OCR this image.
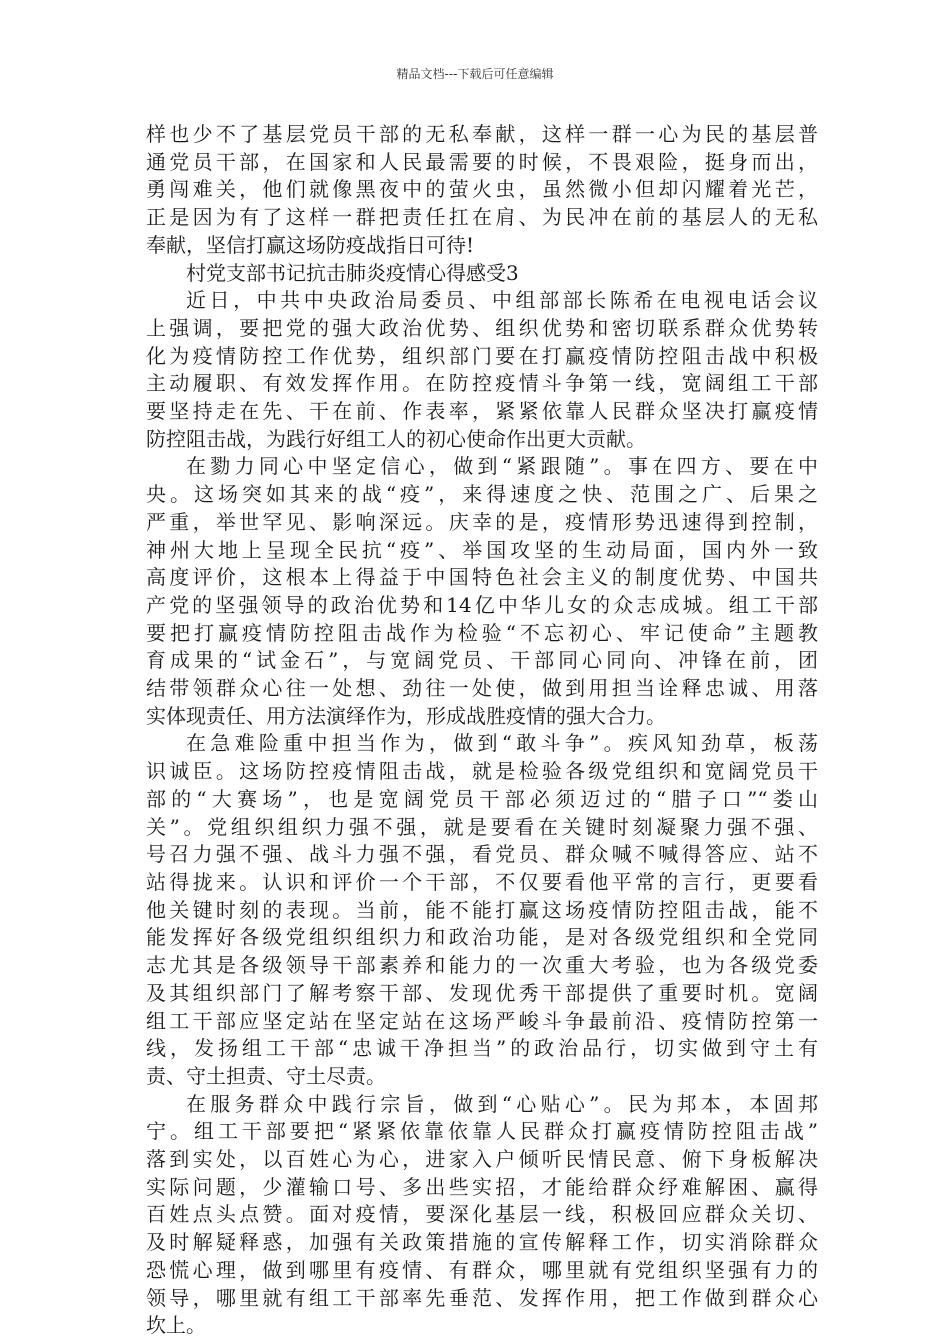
精品文档---下载后可任意编辑

样也少不了基层党员干部的无私奉献，这样一群一心为民的基层普
通党员干部，在国家和人民最需要的时候，不畏艰险，挺身而出，
勇闯难关，他们就像黑夜中的萤火虫，虽然微小但却闪耀着光芒，
正是因为有了这样一群把责任扛在肩、为民冲在前的基层人的无私
奉献，坚信打赢这场防疫战指日可待!

村党支部书记抗击肺炎疫情心得感受3

近日，中共中央政治局委员、中组部部长陈希在电视电话会议
上强调，要把党的强大政治优势、组织优势和密切联系群众优势转
化为疫情防控工作优势，组织部门要在打赢疫情防控阻击战中积极
主动履职、有效发挥作用。在防控疫情斗争第一线，宽阔组工干部
要坚持走在先、干在前、作表率，紧紧依靠人民群众坚决打赢疫情
防控阻击战，为践行好组工人的初心使命作出更大贡献。

在勠力同心中坚定信心，做到“紧跟随”。事在四方、要在中
央。这场突如其来的战“疫”，来得速度之快、范围之广、后果之
严重，举世罕见、影响深远。庆幸的是，疫情形势迅速得到控制，
神州大地上呈现全民抗“疫”、举国攻坚的生动局面，国内外一致
高度评价，这根本上得益于中国特色社会主义的制度优势、中国共
产党的坚强领导的政治优势和14亿中华儿女的众志成城。组工干部
要把打赢疫情防控阻击战作为检验“不忘初心、牢记使命”主题教
育成果的“试金石”，与宽阔党员、干部同心同向、冲锋在前，团
结带领群众心往一处想、劲往一处使，做到用担当诠释忠诚、用落
实体现责任、用方法演绎作为，形成战胜疫情的强大合力。

在急难险重中担当作为，做到“敢斗争”。疾风知劲草，板荡
识诚臣。这场防控疫情阻击战，就是检验各级党组织和宽阔党员干
部的“大赛场”，也是宽阔党员干部必须迈过的“腊子口”“娄山
关”。党组织组织力强不强，就是要看在关键时刻凝聚力强不强、
号召力强不强、战斗力强不强，看党员、群众喊不喊得答应、站不
站得拢来。认识和评价一个干部，不仅要看他平常的言行，更要看
他关键时刻的表现。当前，能不能打赢这场疫情防控阻击战，能不
能发挥好各级党组织组织力和政治功能，是对各级党组织和全党同
志尤其是各级领导干部素养和能力的一次重大考验，也为各级党委
及其组织部门了解考察干部、发现优秀干部提供了重要时机。宽阔
组工干部应坚定站在坚定站在这场严峻斗争最前沿、疫情防控第一
线，发扬组工干部“忠诚干净担当”的政治品行，切实做到守土有
责、守土担责、守土尽责。

在服务群众中践行宗旨，做到“心贴心”。民为邦本，本固邦
宁。组工干部要把“紧紧依靠依靠人民群众打赢疫情防控阻击战”
落到实处，以百姓心为心，进家入户倾听民情民意、俯下身板解决
实际问题，少灌输口号、多出些实招，才能给群众纾难解困、赢得
百姓点头点赞。面对疫情，要深化基层一线，积极回应群众关切、
及时解疑释惑，加强有关政策措施的宣传解释工作，切实消除群众
恐慌心理，做到哪里有疫情、有群众，哪里就有党组织坚强有力的
领导，哪里就有组工干部率先垂范、发挥作用，把工作做到群众心
坎上。
